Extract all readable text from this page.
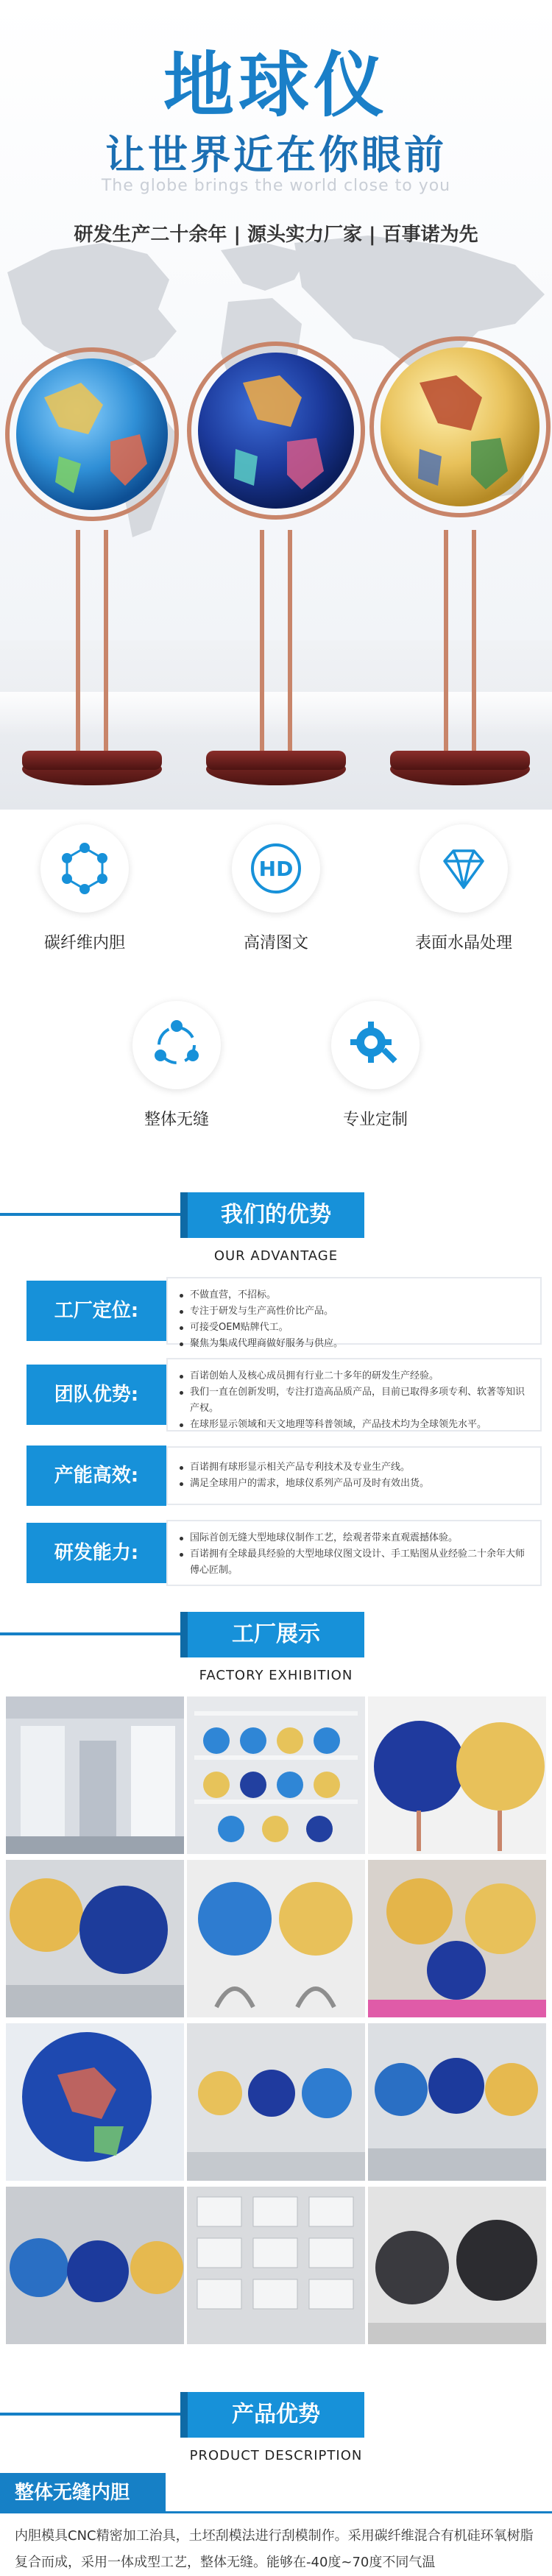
地球仪
让世界近在你眼前
The globe brings the world close to you
研发生产二十余年 | 源头实力厂家 | 百事诺为先
碳纤维内胆
HD
高清图文	表面水晶处理
整体无缝	专业定制
我们的优势
OUR ADVANTAGE
工厂定位:
不做直营，不招标。
专注于研发与生产高性价比产品。
可接受OEM贴牌代工。
聚焦为集成代理商做好服务与供应。
团队优势:
百诺创始人及核心成员拥有行业二十多年的研发生产经验。
我们一直在创新发明，专注打造高品质产品，目前已取得多项专利、软著等知识产权。
在球形显示领域和天文地理等科普领域，产品技术均为全球领先水平。
产能高效:	百诺拥有球形显示相关产品专利技术及专业生产线。
满足全球用户的需求，地球仪系列产品可及时有效出货。
研发能力:
国际首创无缝大型地球仪制作工艺，绘观者带来直观震撼体验。
百诺拥有全球最具经验的大型地球仪图文设计、手工贴图从业经验二十余年大师傅心匠制。
工厂展示
FACTORY EXHIBITION
产品优势
PRODUCT DESCRIPTION
整体无缝内胆
内胆模具CNC精密加工治具，土坯刮模法进行刮模制作。采用碳纤维混合有机硅环氧树脂复合而成，采用一体成型工艺，整体无缝。能够在-40度~70度不同气温
